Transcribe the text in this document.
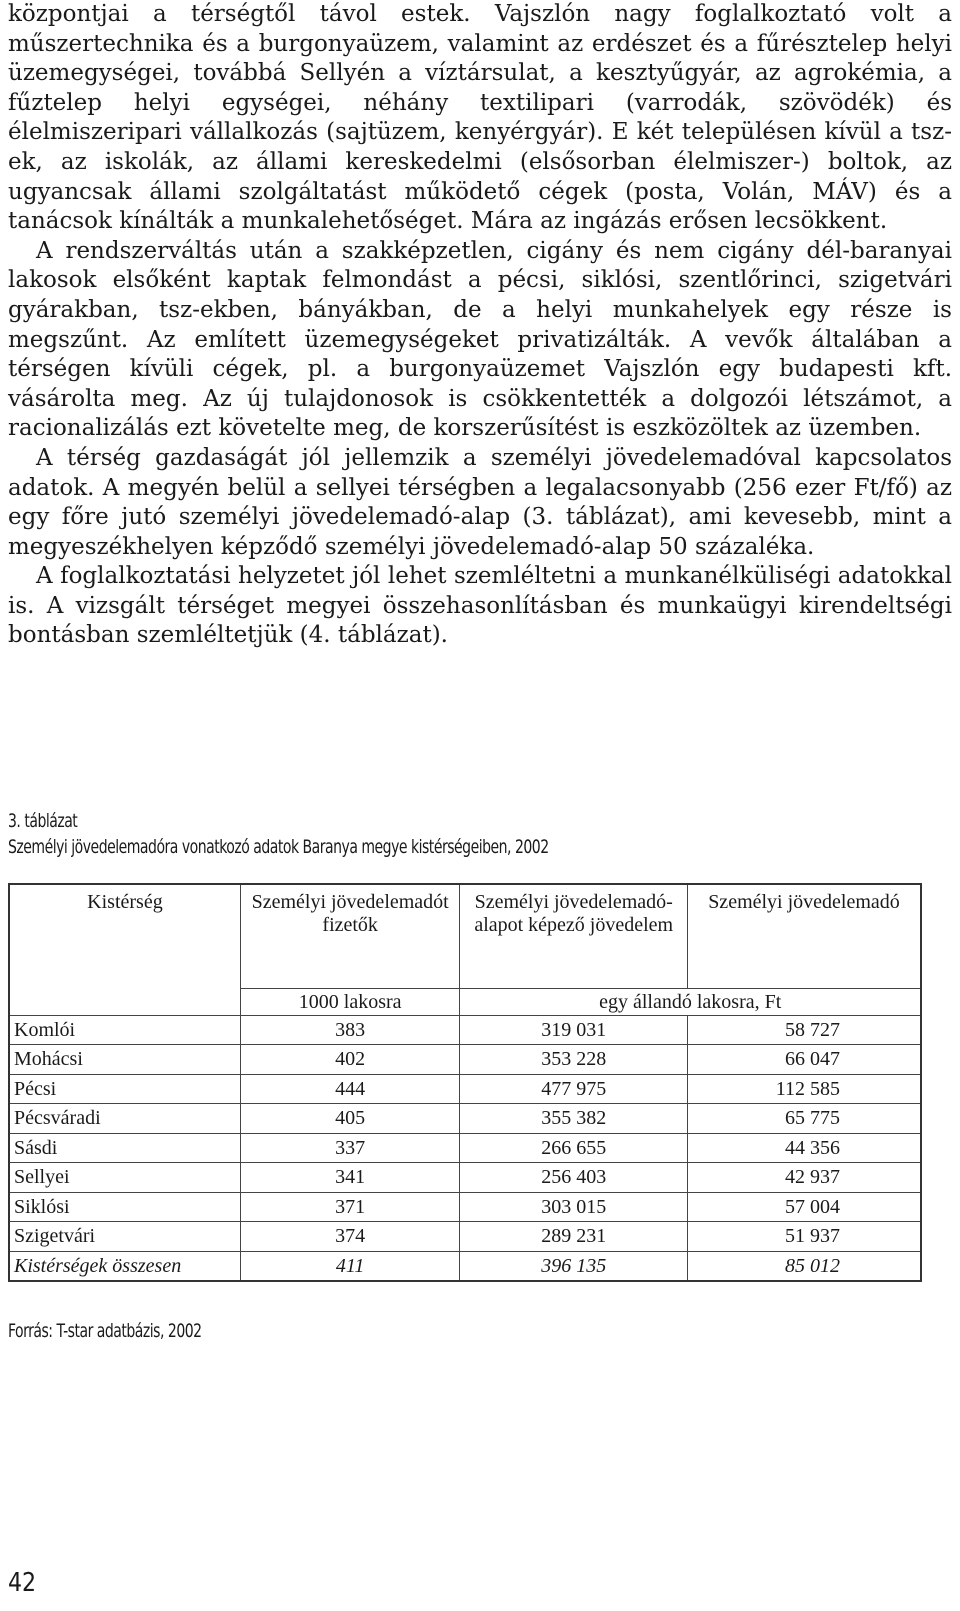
központjai a térségtől távol estek. Vajszlón nagy foglalkoztató volt a műszertechnika és a burgonyaüzem, valamint az erdészet és a fűrésztelep helyi üzemegységei, továbbá Sellyén a víztársulat, a kesztyűgyár, az agrokémia, a fűztelep helyi egységei, néhány textilipari (varrodák, szövödék) és élelmiszeripari vállalkozás (sajtüzem, kenyérgyár). E két településen kívül a tsz-ek, az iskolák, az állami kereskedelmi (elsősorban élelmiszer-) boltok, az ugyancsak állami szolgáltatást működető cégek (posta, Volán, MÁV) és a tanácsok kínálták a munkalehetőséget. Mára az ingázás erősen lecsökkent.

A rendszerváltás után a szakképzetlen, cigány és nem cigány dél-baranyai lakosok elsőként kaptak felmondást a pécsi, siklósi, szentlőrinci, szigetvári gyárakban, tsz-ekben, bányákban, de a helyi munkahelyek egy része is megszűnt. Az említett üzemegységeket privatizálták. A vevők általában a térségen kívüli cégek, pl. a burgonyaüzemet Vajszlón egy budapesti kft. vásárolta meg. Az új tulajdonosok is csökkentették a dolgozói létszámot, a racionalizálás ezt követelte meg, de korszerűsítést is eszközöltek az üzemben.

A térség gazdaságát jól jellemzik a személyi jövedelemadóval kapcsolatos adatok. A megyén belül a sellyei térségben a legalacsonyabb (256 ezer Ft/fő) az egy főre jutó személyi jövedelemadó-alap (3. táblázat), ami kevesebb, mint a megyeszékhelyen képződő személyi jövedelemadó-alap 50 százaléka.

A foglalkoztatási helyzetet jól lehet szemléltetni a munkanélküliségi adatokkal is. A vizsgált térséget megyei összehasonlításban és munkaügyi kirendeltségi bontásban szemléltetjük (4. táblázat).

3. táblázat
Személyi jövedelemadóra vonatkozó adatok Baranya megye kistérségeiben, 2002
Kistérség	Személyi jövedelemadót fizetők	Személyi jövedelemadó-alapot képező jövedelem	Személyi jövedelemadó
	1000 lakosra	egy állandó lakosra, Ft	
Komlói	383	319 031	58 727
Mohácsi	402	353 228	66 047
Pécsi	444	477 975	112 585
Pécsváradi	405	355 382	65 775
Sásdi	337	266 655	44 356
Sellyei	341	256 403	42 937
Siklósi	371	303 015	57 004
Szigetvári	374	289 231	51 937
Kistérségek összesen	411	396 135	85 012
Forrás: T-star adatbázis, 2002
42
